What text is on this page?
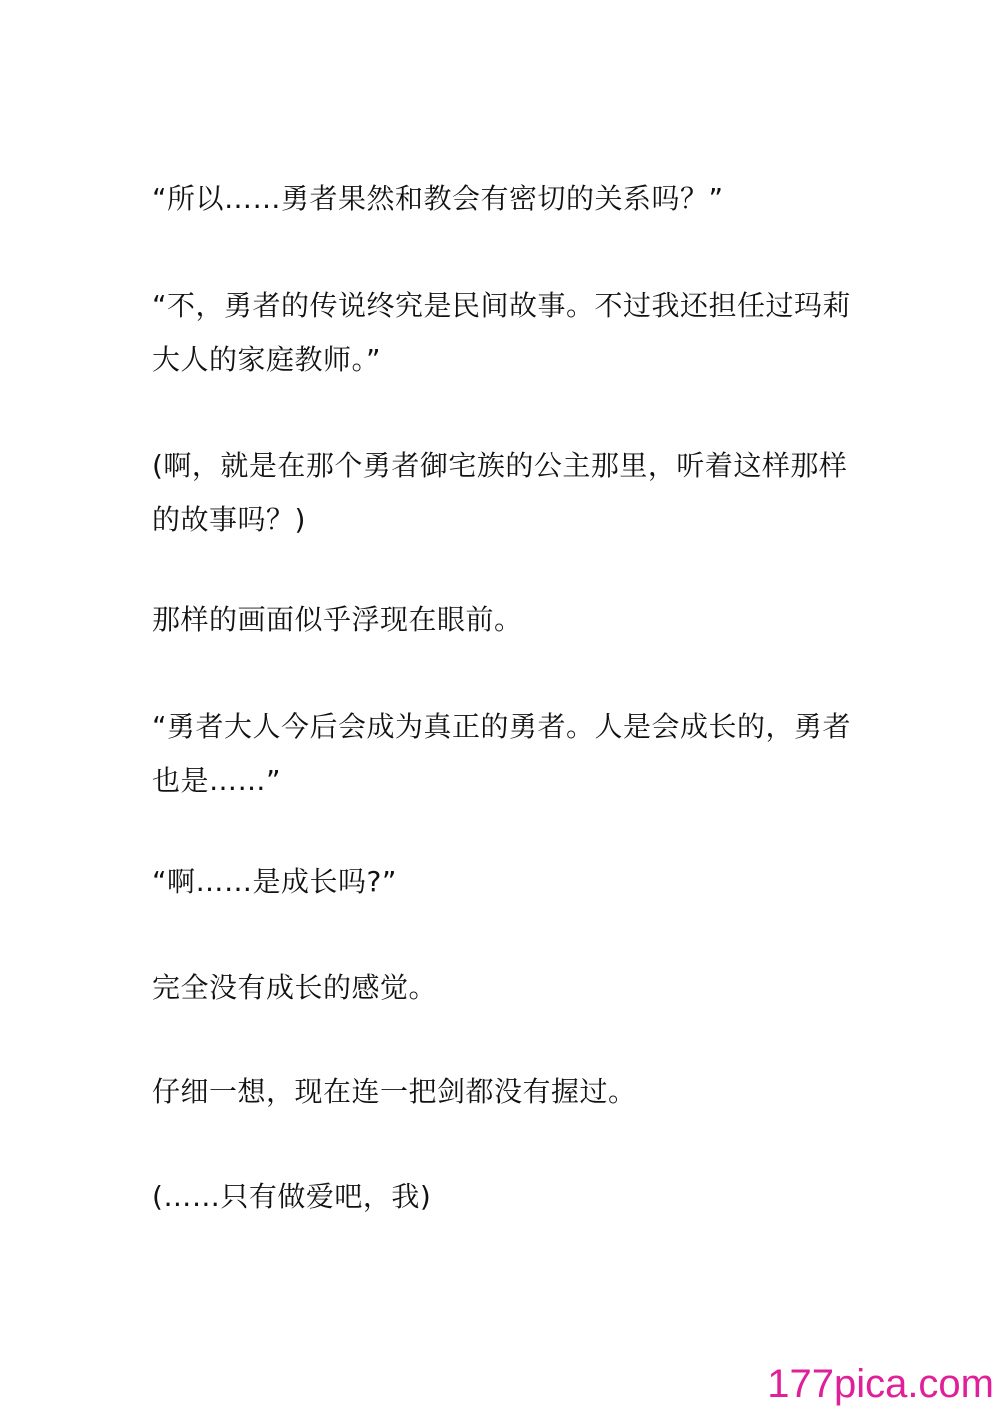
“所以……勇者果然和教会有密切的关系吗？”

“不，勇者的传说终究是民间故事。不过我还担任过玛莉大人的家庭教师。”

(啊，就是在那个勇者御宅族的公主那里，听着这样那样的故事吗？)

那样的画面似乎浮现在眼前。

“勇者大人今后会成为真正的勇者。人是会成长的，勇者也是……”

“啊……是成长吗?”

完全没有成长的感觉。

仔细一想，现在连一把剑都没有握过。

(……只有做爱吧，我)

177pica.com
